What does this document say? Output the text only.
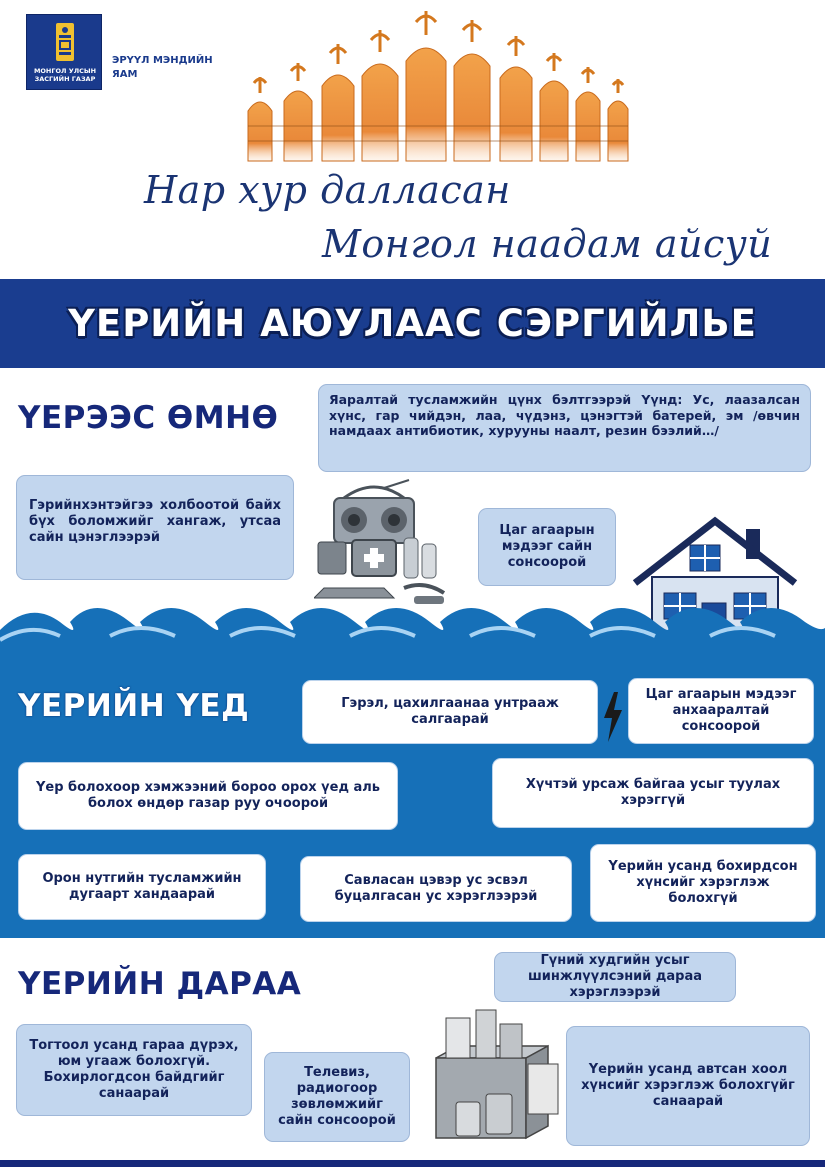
МОНГОЛ УЛСЫН ЗАСГИЙН ГАЗАР
ЭРҮҮЛ МЭНДИЙН ЯАМ
Нар хур далласан
Монгол наадам айсуй
ҮЕРИЙН АЮУЛААС СЭРГИЙЛЬЕ
ҮЕРЭЭС ӨМНӨ
Яаралтай тусламжийн цүнх бэлтгээрэй Үүнд: Ус, лаазалсан хүнс, гар чийдэн, лаа, чүдэнз, цэнэгтэй батерей, эм /өвчин намдаах антибиотик, хурууны наалт, резин бээлий…/
Гэрийнхэнтэйгээ холбоотой байх бүх боломжийг хангаж, утсаа сайн цэнэглээрэй	Цаг агаарын мэдээг сайн сонсоорой
ҮЕРИЙН ҮЕД	Гэрэл, цахилгаанаа унтрааж салгаарай
Цаг агаарын мэдээг анхааралтай сонсоорой
Үер болохоор хэмжээний бороо орох үед аль болох өндөр газар руу очоорой
Хүчтэй урсаж байгаа усыг туулах хэрэггүй
Орон нутгийн тусламжийн дугаарт хандаарай
Савласан цэвэр ус эсвэл буцалгасан ус хэрэглээрэй
Үерийн усанд бохирдсон хүнсийг хэрэглэж болохгүй
ҮЕРИЙН ДАРАА
Гүний худгийн усыг шинжлүүлсэний дараа хэрэглээрэй
Тогтоол усанд гараа дүрэх, юм угааж болохгүй. Бохирлогдсон байдгийг санаарай
Телевиз, радиогоор зөвлөмжийг сайн сонсоорой
Үерийн усанд автсан хоол хүнсийг хэрэглэж болохгүйг санаарай
